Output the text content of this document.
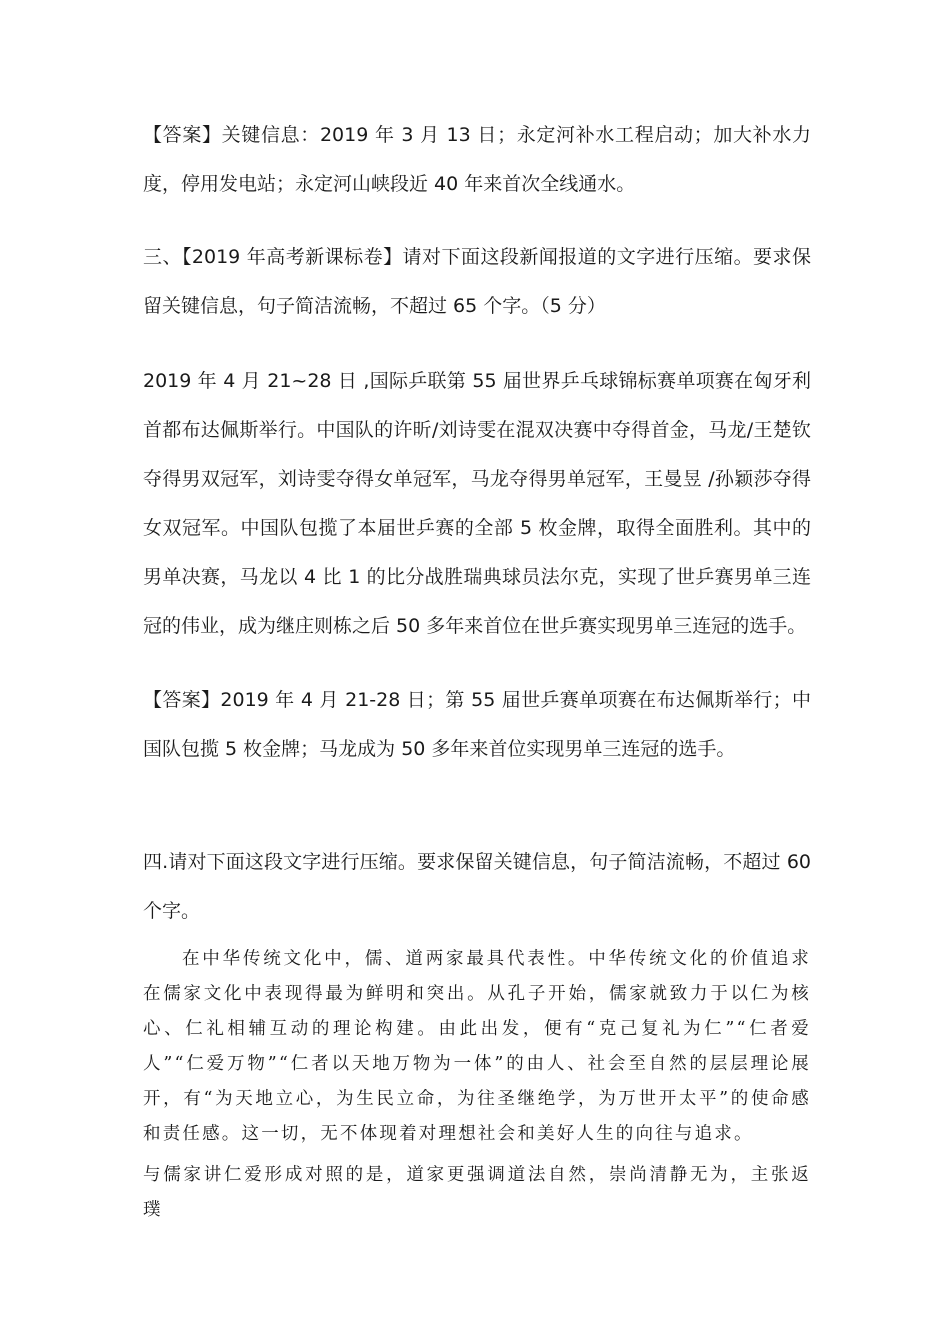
【答案】关键信息：2019 年 3 月 13 日；永定河补水工程启动；加大补水力度，停用发电站；永定河山峡段近 40 年来首次全线通水。

三、【2019 年高考新课标卷】请对下面这段新闻报道的文字进行压缩。要求保留关键信息，句子简洁流畅，不超过 65 个字。（5 分）

2019 年 4 月 21~28 日 ,国际乒联第 55 届世界乒乓球锦标赛单项赛在匈牙利首都布达佩斯举行。中国队的许昕/刘诗雯在混双决赛中夺得首金，马龙/王楚钦夺得男双冠军，刘诗雯夺得女单冠军，马龙夺得男单冠军，王曼昱 /孙颖莎夺得女双冠军。中国队包揽了本届世乒赛的全部 5 枚金牌，取得全面胜利。其中的男单决赛，马龙以 4 比 1 的比分战胜瑞典球员法尔克，实现了世乒赛男单三连冠的伟业，成为继庄则栋之后 50 多年来首位在世乒赛实现男单三连冠的选手。

【答案】2019 年 4 月 21-28 日；第 55 届世乒赛单项赛在布达佩斯举行；中国队包揽 5 枚金牌；马龙成为 50 多年来首位实现男单三连冠的选手。

四.请对下面这段文字进行压缩。要求保留关键信息，句子简洁流畅，不超过 60 个字。

在中华传统文化中，儒、道两家最具代表性。中华传统文化的价值追求在儒家文化中表现得最为鲜明和突出。从孔子开始，儒家就致力于以仁为核心、仁礼相辅互动的理论构建。由此出发，便有“克己复礼为仁”“仁者爱人”“仁爱万物”“仁者以天地万物为一体”的由人、社会至自然的层层理论展开，有“为天地立心，为生民立命，为往圣继绝学，为万世开太平”的使命感和责任感。这一切，无不体现着对理想社会和美好人生的向往与追求。

与儒家讲仁爱形成对照的是，道家更强调道法自然，崇尚清静无为，主张返璞
